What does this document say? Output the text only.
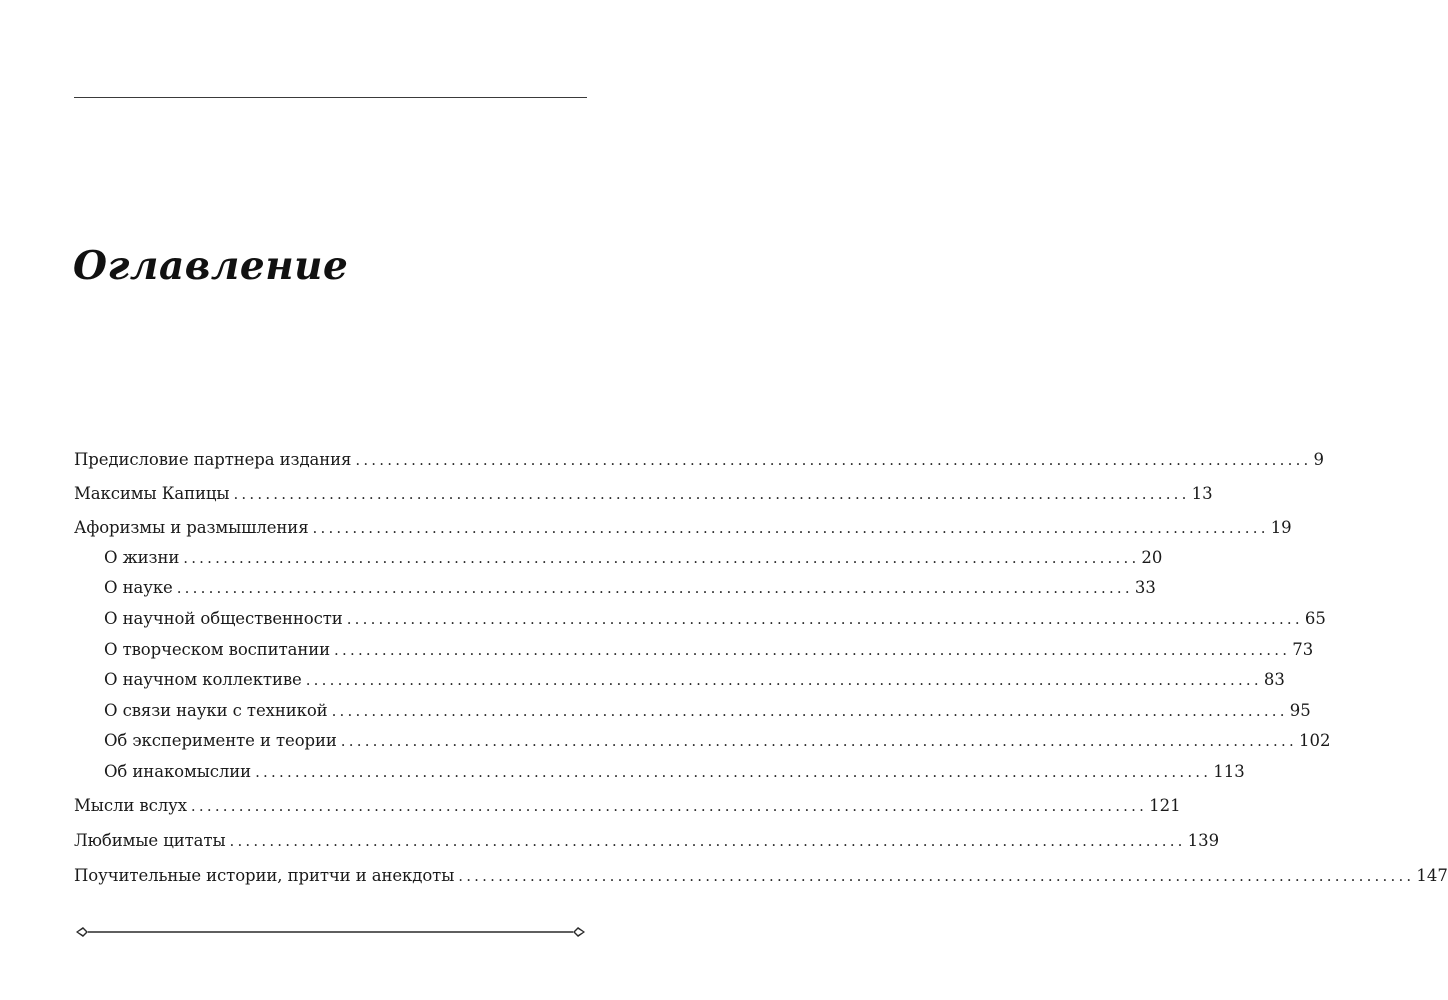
Оглавление
Предисловие партнера издания ........................................................................................................................ 9
Максимы Капицы ........................................................................................................................ 13
Афоризмы и размышления ........................................................................................................................ 19
О жизни ........................................................................................................................ 20
О науке ........................................................................................................................ 33
О научной общественности ........................................................................................................................ 65
О творческом воспитании ........................................................................................................................ 73
О научном коллективе ........................................................................................................................ 83
О связи науки с техникой ........................................................................................................................ 95
Об эксперименте и теории ........................................................................................................................ 102
Об инакомыслии ........................................................................................................................ 113
Мысли вслух ........................................................................................................................ 121
Любимые цитаты ........................................................................................................................ 139
Поучительные истории, притчи и анекдоты ........................................................................................................................ 147
